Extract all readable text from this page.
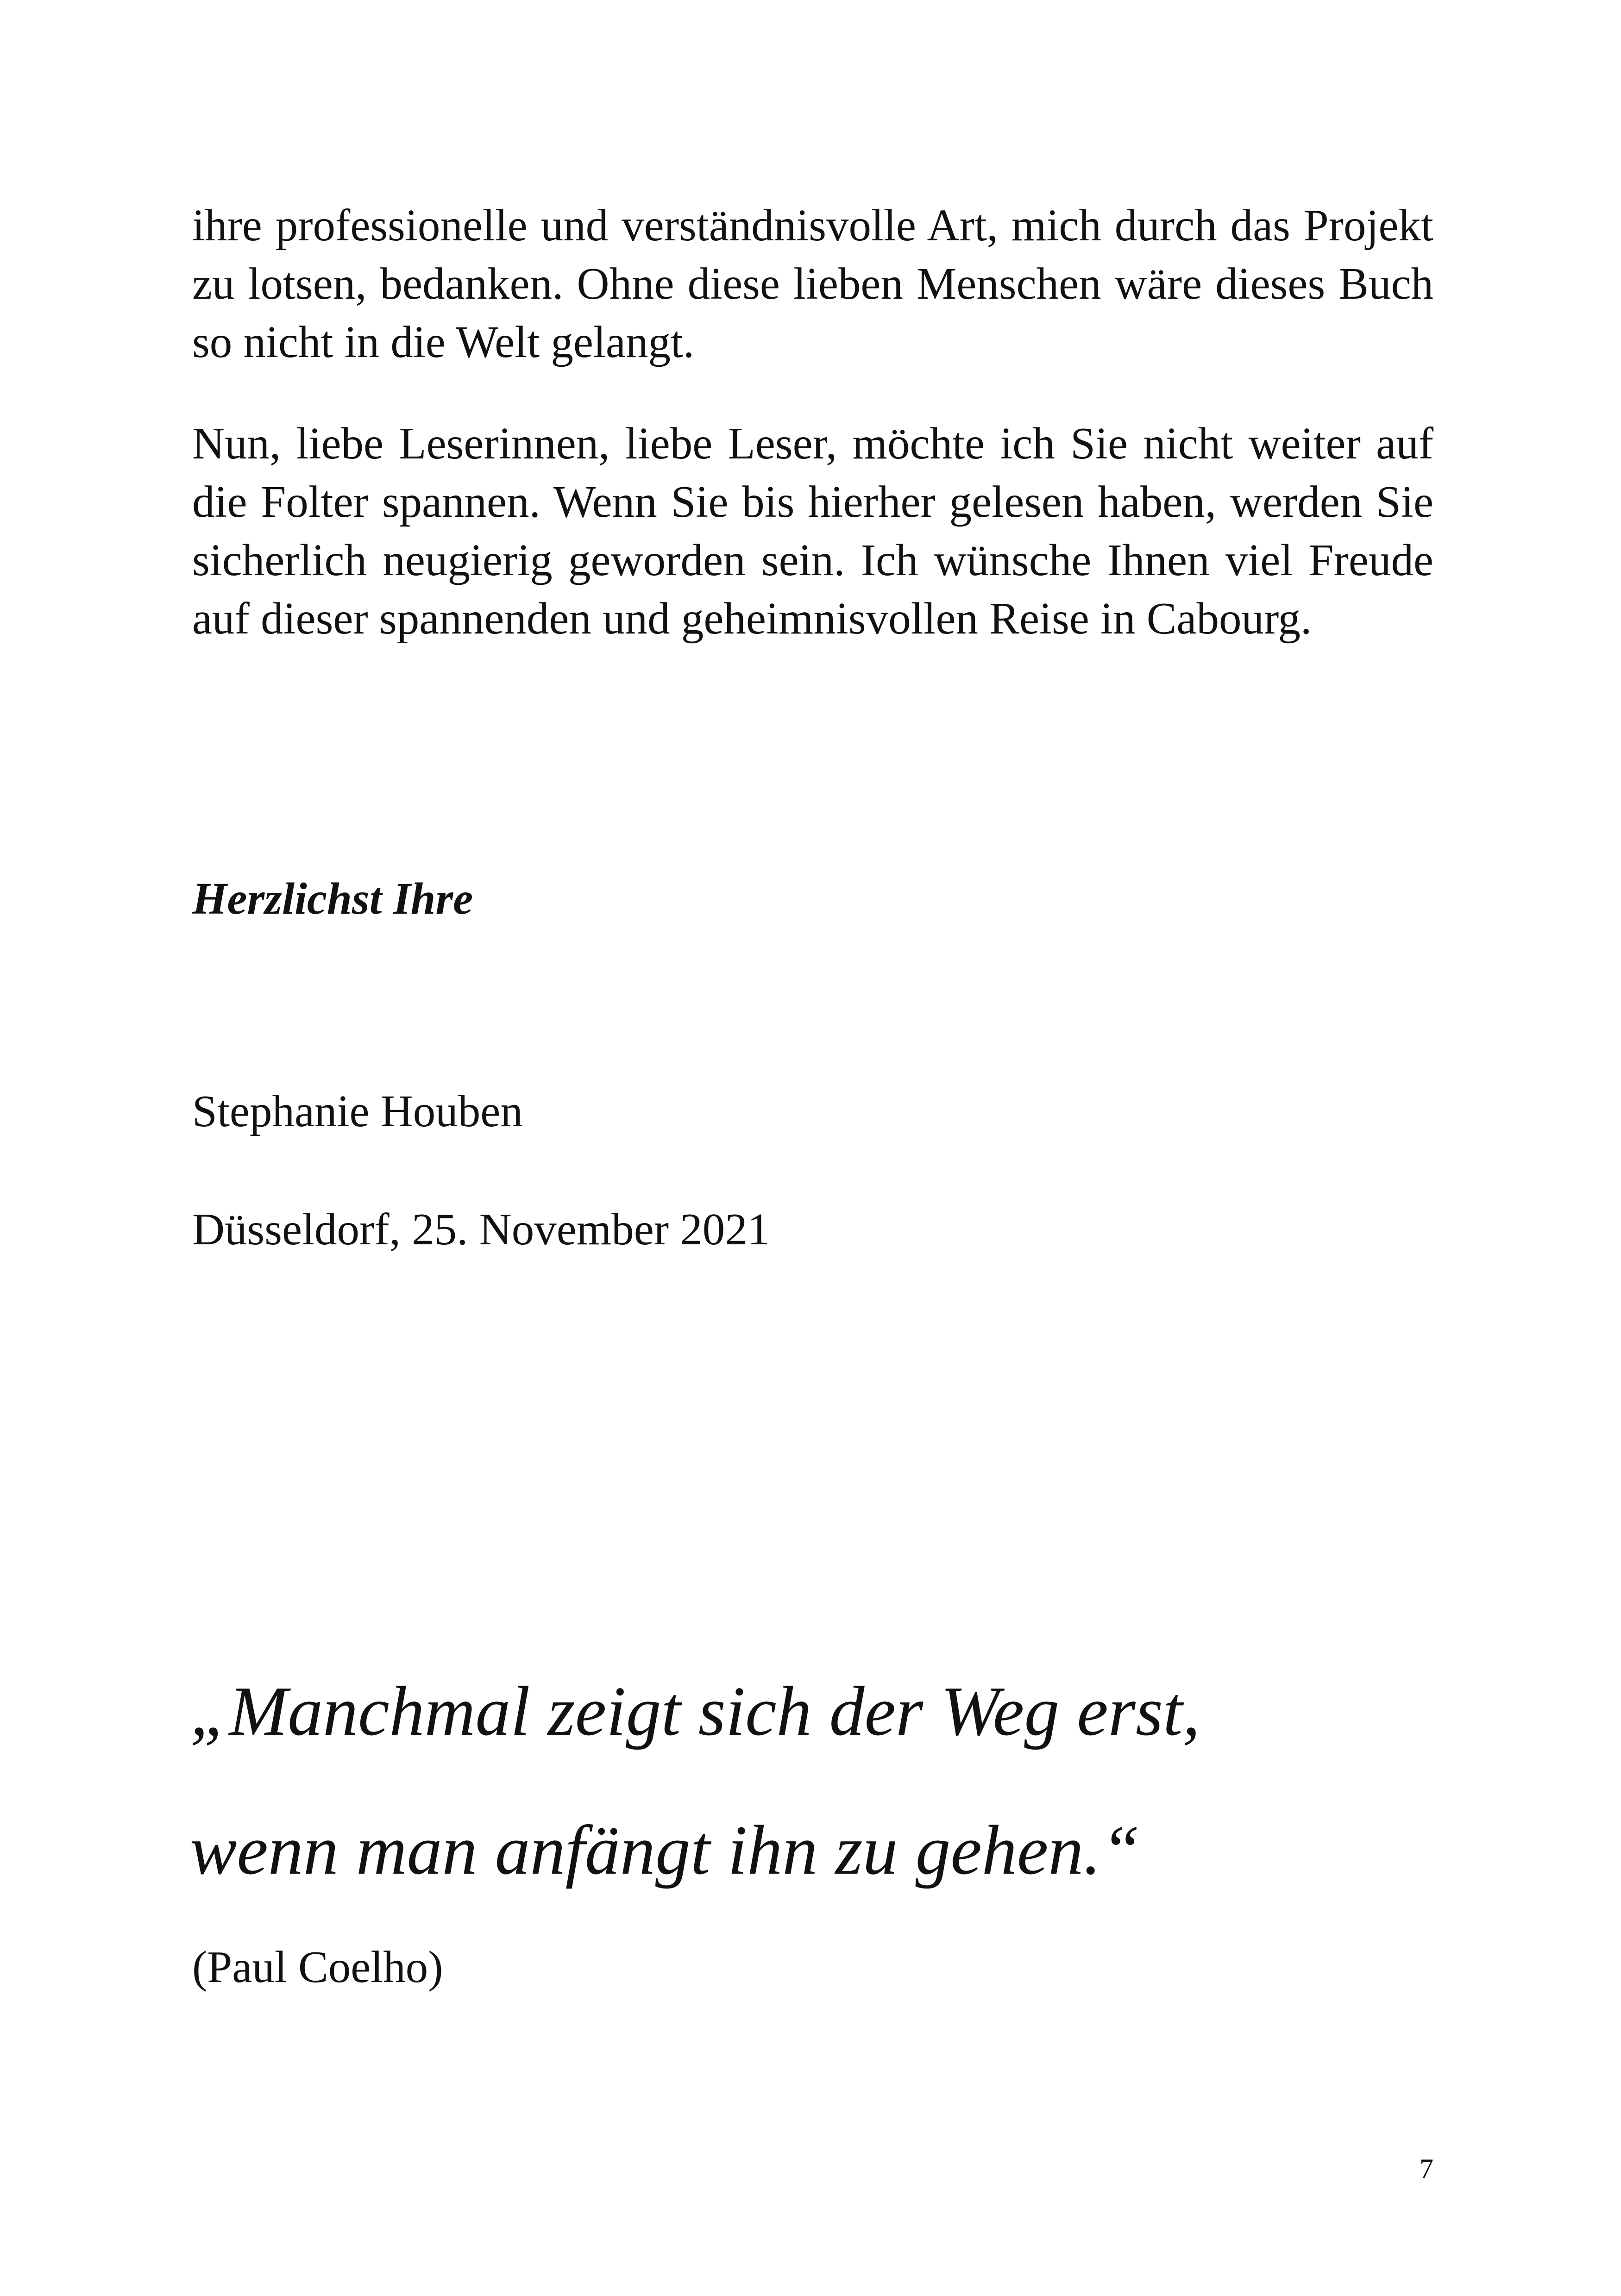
ihre professionelle und verständnisvolle Art, mich durch das Projekt zu lotsen, bedanken. Ohne diese lieben Menschen wäre dieses Buch so nicht in die Welt gelangt.

Nun, liebe Leserinnen, liebe Leser, möchte ich Sie nicht weiter auf die Folter spannen. Wenn Sie bis hierher gelesen haben, werden Sie sicherlich neugierig geworden sein. Ich wünsche Ihnen viel Freude auf dieser spannenden und geheimnisvollen Reise in Cabourg.

Herzlichst Ihre

Stephanie Houben

Düsseldorf, 25. November 2021

„Manchmal zeigt sich der Weg erst,

wenn man anfängt ihn zu gehen.“

(Paul Coelho)

7
